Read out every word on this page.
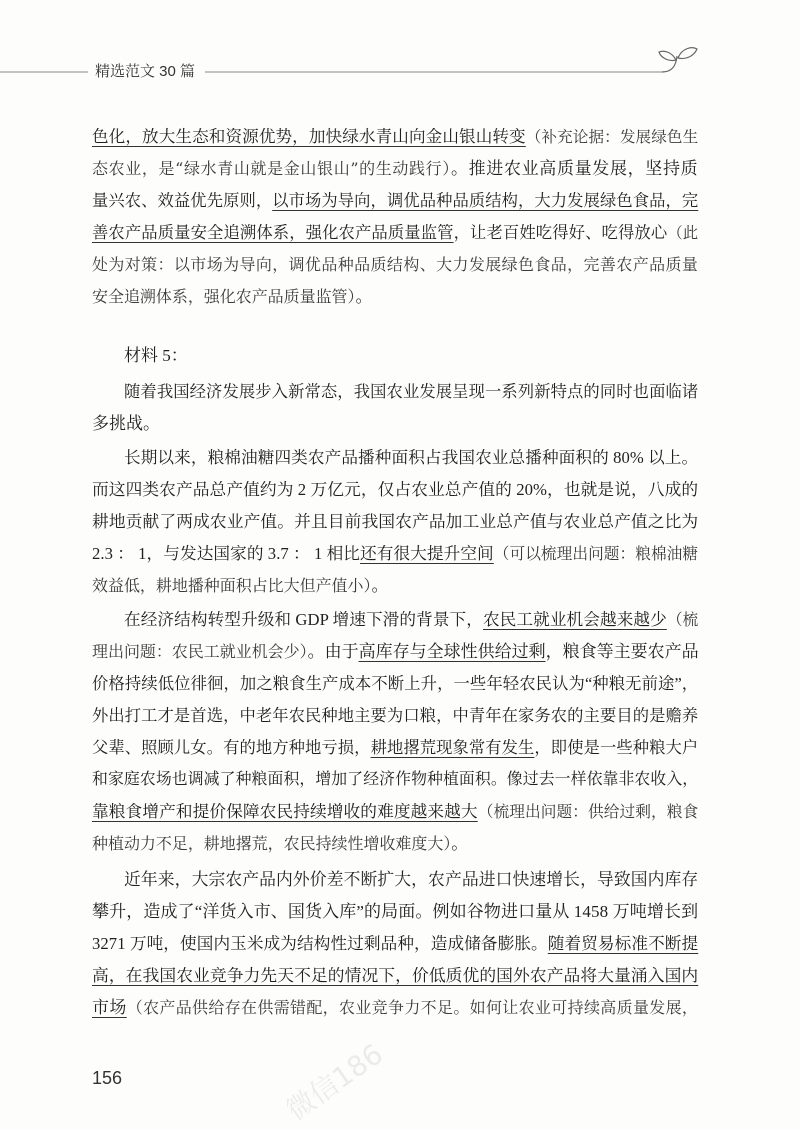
精选范文 30 篇
色化，放大生态和资源优势，加快绿水青山向金山银山转变（补充论据：发展绿色生
态农业，是“绿水青山就是金山银山”的生动践行）。推进农业高质量发展，坚持质
量兴农、效益优先原则，以市场为导向，调优品种品质结构，大力发展绿色食品，完
善农产品质量安全追溯体系，强化农产品质量监管，让老百姓吃得好、吃得放心（此
处为对策：以市场为导向，调优品种品质结构、大力发展绿色食品，完善农产品质量
安全追溯体系，强化农产品质量监管）。
材料 5：
随着我国经济发展步入新常态，我国农业发展呈现一系列新特点的同时也面临诸
多挑战。
长期以来，粮棉油糖四类农产品播种面积占我国农业总播种面积的 80% 以上。
而这四类农产品总产值约为 2 万亿元，仅占农业总产值的 20%，也就是说，八成的
耕地贡献了两成农业产值。并且目前我国农产品加工业总产值与农业总产值之比为
2.3 ： 1，与发达国家的 3.7 ： 1 相比还有很大提升空间（可以梳理出问题：粮棉油糖
效益低，耕地播种面积占比大但产值小）。
在经济结构转型升级和 GDP 增速下滑的背景下，农民工就业机会越来越少（梳
理出问题：农民工就业机会少）。由于高库存与全球性供给过剩，粮食等主要农产品
价格持续低位徘徊，加之粮食生产成本不断上升，一些年轻农民认为“种粮无前途”，
外出打工才是首选，中老年农民种地主要为口粮，中青年在家务农的主要目的是赡养
父辈、照顾儿女。有的地方种地亏损，耕地撂荒现象常有发生，即使是一些种粮大户
和家庭农场也调减了种粮面积，增加了经济作物种植面积。像过去一样依靠非农收入，
靠粮食增产和提价保障农民持续增收的难度越来越大（梳理出问题：供给过剩，粮食
种植动力不足，耕地撂荒，农民持续性增收难度大）。
近年来，大宗农产品内外价差不断扩大，农产品进口快速增长，导致国内库存
攀升，造成了“洋货入市、国货入库”的局面。例如谷物进口量从 1458 万吨增长到
3271 万吨，使国内玉米成为结构性过剩品种，造成储备膨胀。随着贸易标准不断提
高，在我国农业竞争力先天不足的情况下，价低质优的国外农产品将大量涌入国内
市场（农产品供给存在供需错配，农业竞争力不足。如何让农业可持续高质量发展，
156	微信186
